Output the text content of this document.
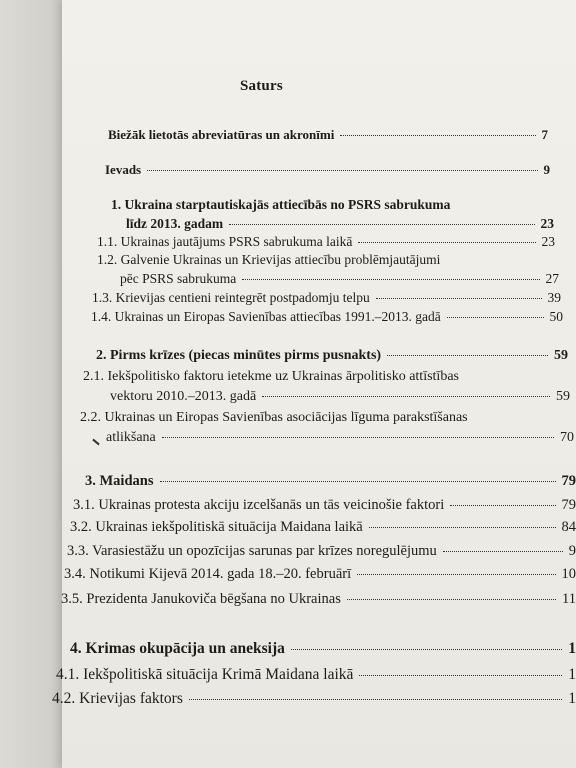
Saturs
Biežāk lietotās abreviatūras un akronīmi	7
Ievads	9
1. Ukraina starptautiskajās attiecībās no PSRS sabrukuma
līdz 2013. gadam	23
1.1. Ukrainas jautājums PSRS sabrukuma laikā	23
1.2. Galvenie Ukrainas un Krievijas attiecību problēmjautājumi
pēc PSRS sabrukuma	27
1.3. Krievijas centieni reintegrēt postpadomju telpu	39
1.4. Ukrainas un Eiropas Savienības attiecības 1991.–2013. gadā	50
2. Pirms krīzes (piecas minūtes pirms pusnakts)	59
2.1. Iekšpolitisko faktoru ietekme uz Ukrainas ārpolitisko attīstības
vektoru 2010.–2013. gadā	59
2.2. Ukrainas un Eiropas Savienības asociācijas līguma parakstīšanas
atlikšana	70
3. Maidans	79
3.1. Ukrainas protesta akciju izcelšanās un tās veicinošie faktori	79
3.2. Ukrainas iekšpolitiskā situācija Maidana laikā	84
3.3. Varasiestāžu un opozīcijas sarunas par krīzes noregulējumu	9
3.4. Notikumi Kijevā 2014. gada 18.–20. februārī	10
3.5. Prezidenta Janukoviča bēgšana no Ukrainas	11
4. Krimas okupācija un aneksija	1
4.1. Iekšpolitiskā situācija Krimā Maidana laikā	1
4.2. Krievijas faktors	1
